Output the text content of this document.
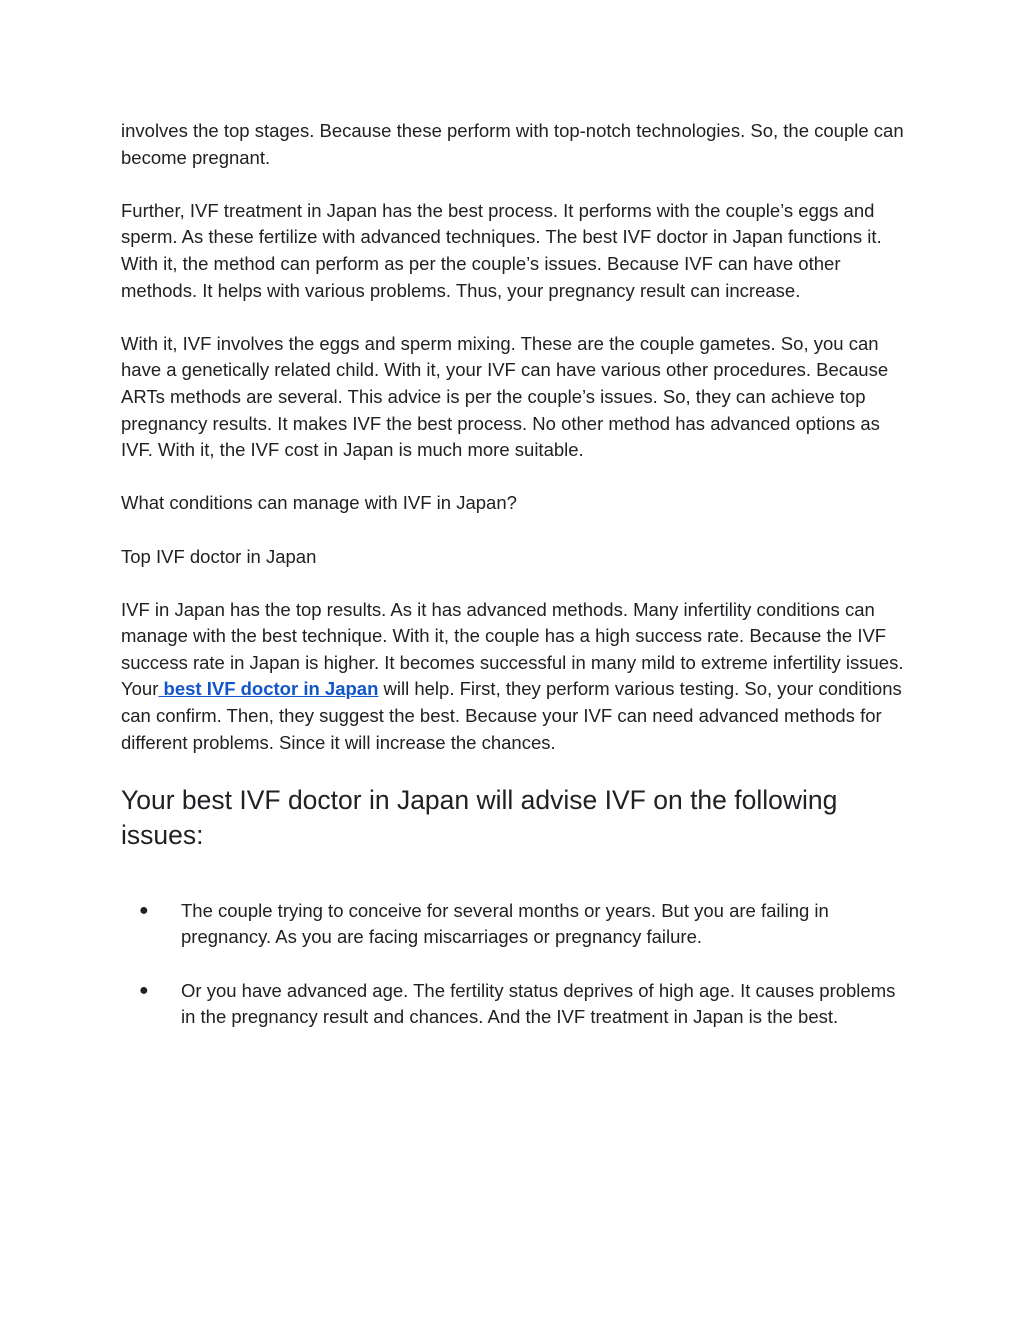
involves the top stages. Because these perform with top-notch technologies. So, the couple can become pregnant.

Further, IVF treatment in Japan has the best process. It performs with the couple’s eggs and sperm. As these fertilize with advanced techniques. The best IVF doctor in Japan functions it. With it, the method can perform as per the couple’s issues. Because IVF can have other methods. It helps with various problems. Thus, your pregnancy result can increase.

With it, IVF involves the eggs and sperm mixing. These are the couple gametes. So, you can have a genetically related child. With it, your IVF can have various other procedures. Because ARTs methods are several. This advice is per the couple’s issues. So, they can achieve top pregnancy results. It makes IVF the best process. No other method has advanced options as IVF. With it, the IVF cost in Japan is much more suitable.

What conditions can manage with IVF in Japan?

Top IVF doctor in Japan

IVF in Japan has the top results. As it has advanced methods. Many infertility conditions can manage with the best technique. With it, the couple has a high success rate. Because the IVF success rate in Japan is higher. It becomes successful in many mild to extreme infertility issues. Your best IVF doctor in Japan will help. First, they perform various testing. So, your conditions can confirm. Then, they suggest the best. Because your IVF can need advanced methods for different problems. Since it will increase the chances.

Your best IVF doctor in Japan will advise IVF on the following issues:
● The couple trying to conceive for several months or years. But you are failing in pregnancy. As you are facing miscarriages or pregnancy failure.
● Or you have advanced age. The fertility status deprives of high age. It causes problems in the pregnancy result and chances. And the IVF treatment in Japan is the best.
